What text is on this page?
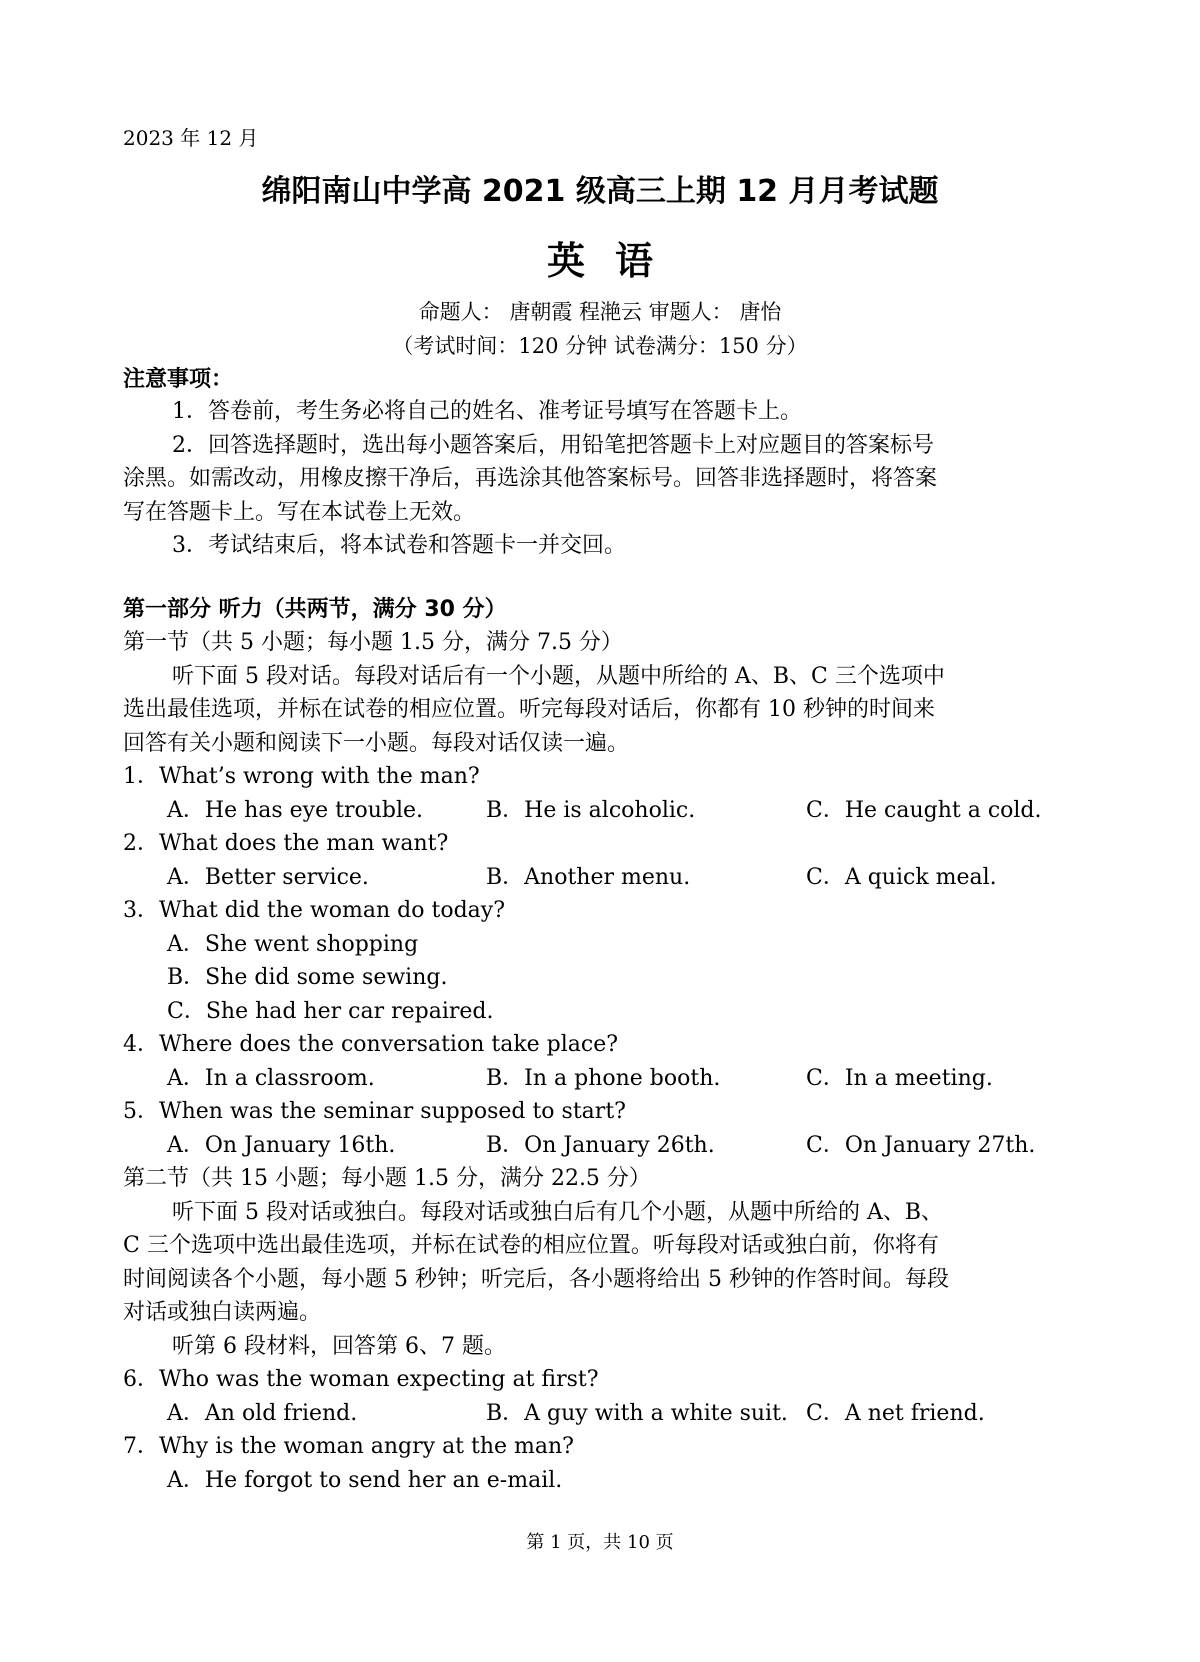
2023 年 12 月
绵阳南山中学高 2021 级高三上期 12 月月考试题
英语
命题人： 唐朝霞 程滟云 审题人： 唐怡
（考试时间：120 分钟 试卷满分：150 分）
注意事项：
1．答卷前，考生务必将自己的姓名、准考证号填写在答题卡上。
2．回答选择题时，选出每小题答案后，用铅笔把答题卡上对应题目的答案标号
涂黑。如需改动，用橡皮擦干净后，再选涂其他答案标号。回答非选择题时，将答案
写在答题卡上。写在本试卷上无效。
3．考试结束后，将本试卷和答题卡一并交回。
第一部分 听力（共两节，满分 30 分）
第一节（共 5 小题；每小题 1.5 分，满分 7.5 分）
听下面 5 段对话。每段对话后有一个小题，从题中所给的 A、B、C 三个选项中
选出最佳选项，并标在试卷的相应位置。听完每段对话后，你都有 10 秒钟的时间来
回答有关小题和阅读下一小题。每段对话仅读一遍。
1．What’s wrong with the man?
A．He has eye trouble.	B．He is alcoholic.	C．He caught a cold.
2．What does the man want?
A．Better service.	B．Another menu.	C．A quick meal.
3．What did the woman do today?
A．She went shopping
B．She did some sewing.
C．She had her car repaired.
4．Where does the conversation take place?
A．In a classroom.	B．In a phone booth.	C．In a meeting.
5．When was the seminar supposed to start?
A．On January 16th.	B．On January 26th.	C．On January 27th.
第二节（共 15 小题；每小题 1.5 分，满分 22.5 分）
听下面 5 段对话或独白。每段对话或独白后有几个小题，从题中所给的 A、B、
C 三个选项中选出最佳选项，并标在试卷的相应位置。听每段对话或独白前，你将有
时间阅读各个小题，每小题 5 秒钟；听完后，各小题将给出 5 秒钟的作答时间。每段
对话或独白读两遍。
听第 6 段材料，回答第 6、7 题。
6．Who was the woman expecting at first?
A．An old friend.	B．A guy with a white suit. C．A net friend.
7．Why is the woman angry at the man?
A．He forgot to send her an e-mail.
第 1 页，共 10 页
